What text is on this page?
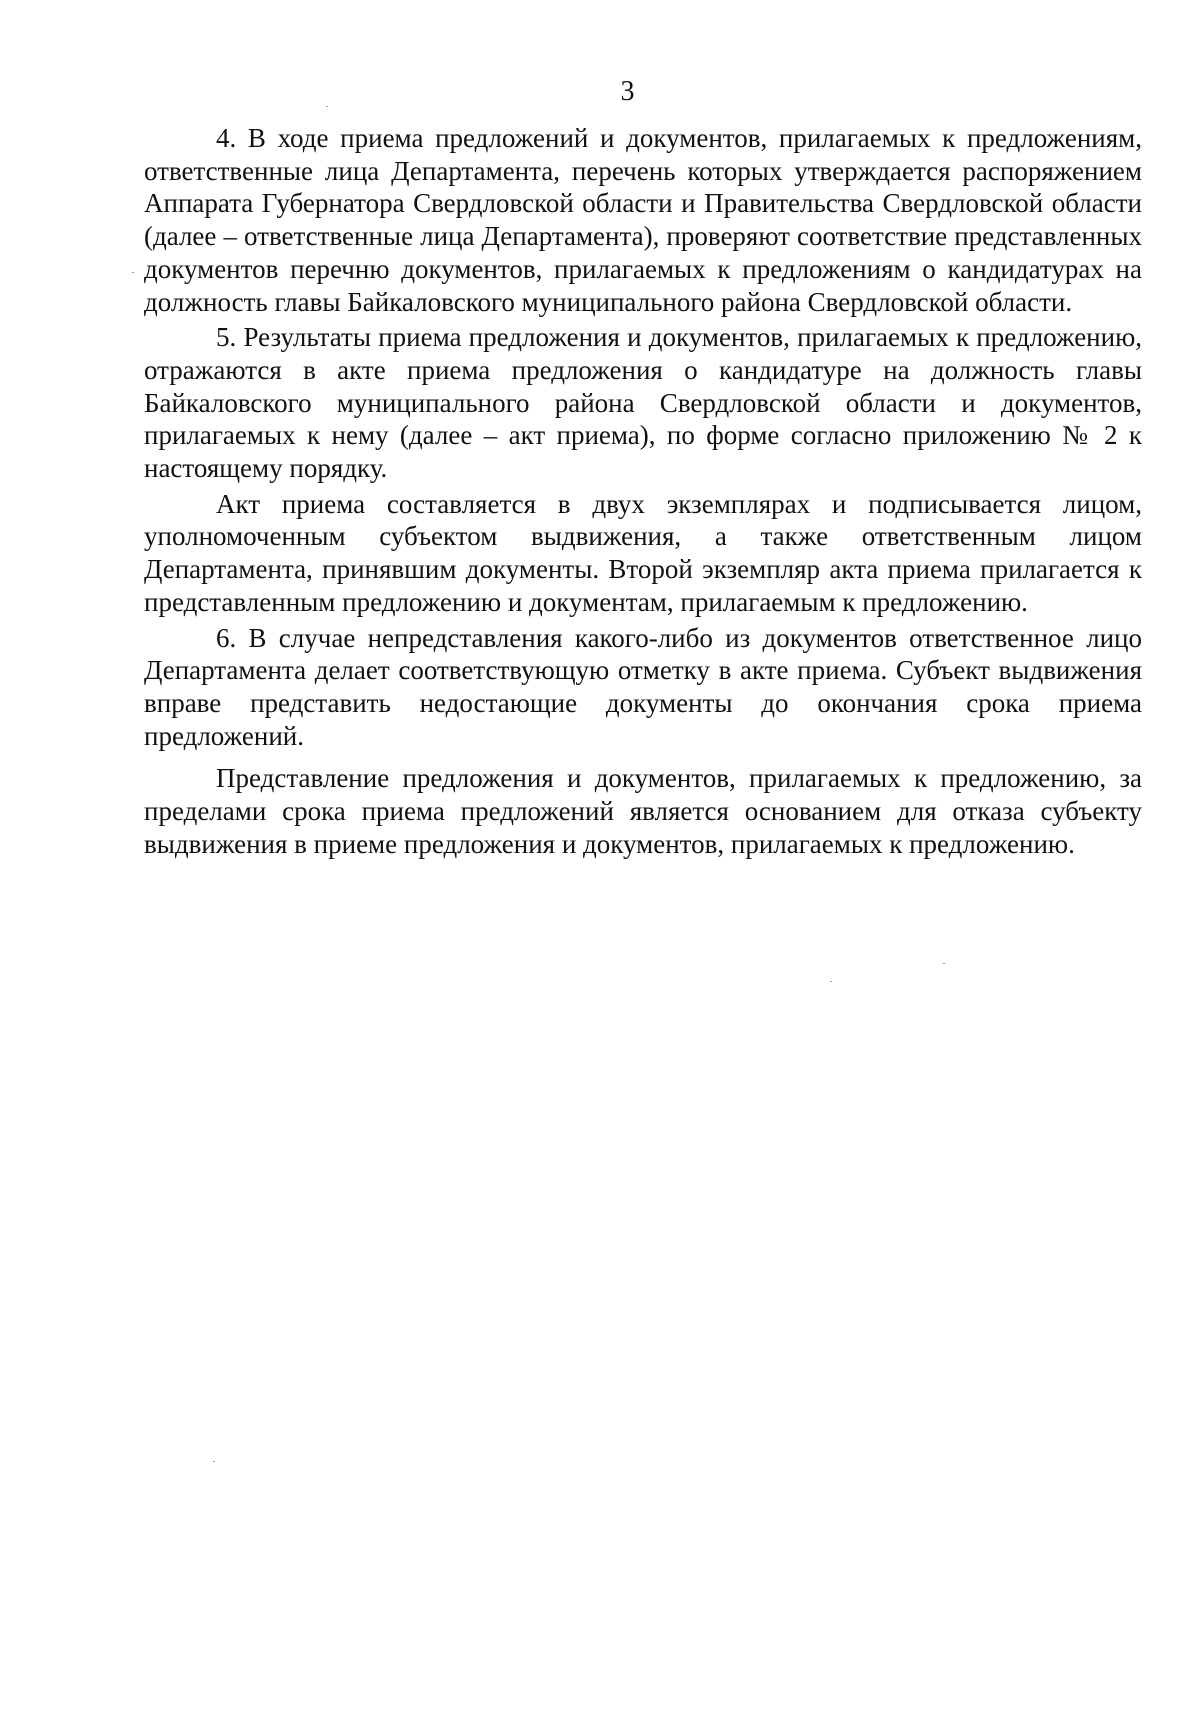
3

4. В ходе приема предложений и документов, прилагаемых к предложениям, ответственные лица Департамента, перечень которых утверждается распоряжением Аппарата Губернатора Свердловской области и Правительства Свердловской области (далее – ответственные лица Департамента), проверяют соответствие представленных документов перечню документов, прилагаемых к предложениям о кандидатурах на должность главы Байкаловского муниципального района Свердловской области.

5. Результаты приема предложения и документов, прилагаемых к предложению, отражаются в акте приема предложения о кандидатуре на должность главы Байкаловского муниципального района Свердловской области и документов, прилагаемых к нему (далее – акт приема), по форме согласно приложению № 2 к настоящему порядку.

Акт приема составляется в двух экземплярах и подписывается лицом, уполномоченным субъектом выдвижения, а также ответственным лицом Департамента, принявшим документы. Второй экземпляр акта приема прилагается к представленным предложению и документам, прилагаемым к предложению.

6. В случае непредставления какого-либо из документов ответственное лицо Департамента делает соответствующую отметку в акте приема. Субъект выдвижения вправе представить недостающие документы до окончания срока приема предложений.

Представление предложения и документов, прилагаемых к предложению, за пределами срока приема предложений является основанием для отказа субъекту выдвижения в приеме предложения и документов, прилагаемых к предложению.
